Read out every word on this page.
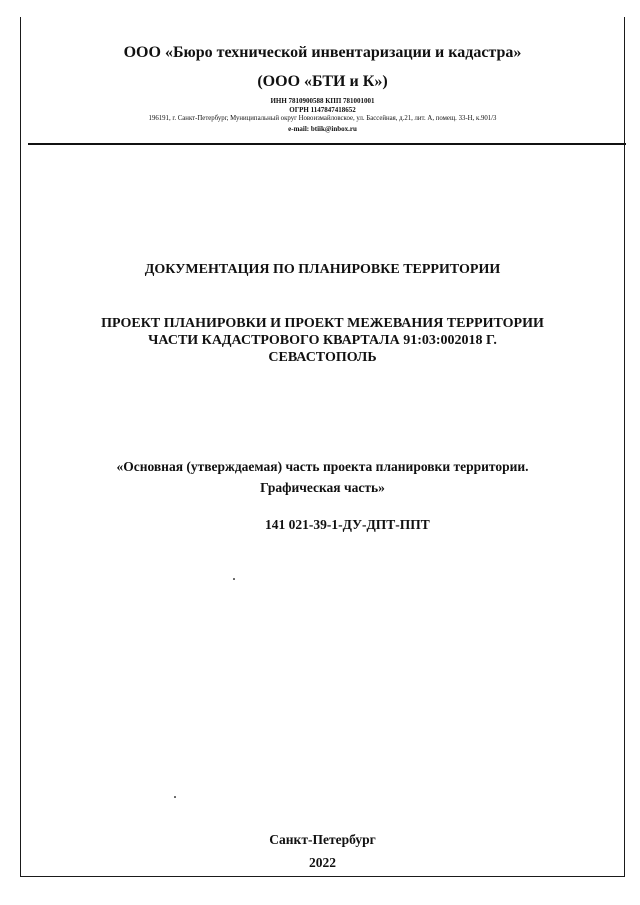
ООО «Бюро технической инвентаризации и кадастра»
(ООО «БТИ и К»)
ИНН 7810900588 КПП 781001001
ОГРН 1147847418652
196191, г. Санкт-Петербург, Муниципальный округ Новоизмайловское, ул. Бассейная, д.21, лит. А, помещ. 33-Н, к.901/3
e-mail: btiik@inbox.ru
ДОКУМЕНТАЦИЯ ПО ПЛАНИРОВКЕ ТЕРРИТОРИИ
ПРОЕКТ ПЛАНИРОВКИ И ПРОЕКТ МЕЖЕВАНИЯ ТЕРРИТОРИИ
ЧАСТИ КАДАСТРОВОГО КВАРТАЛА 91:03:002018 Г.
СЕВАСТОПОЛЬ
«Основная (утверждаемая) часть проекта планировки территории.
Графическая часть»
141 021-39-1-ДУ-ДПТ-ППТ
Санкт-Петербург
2022
